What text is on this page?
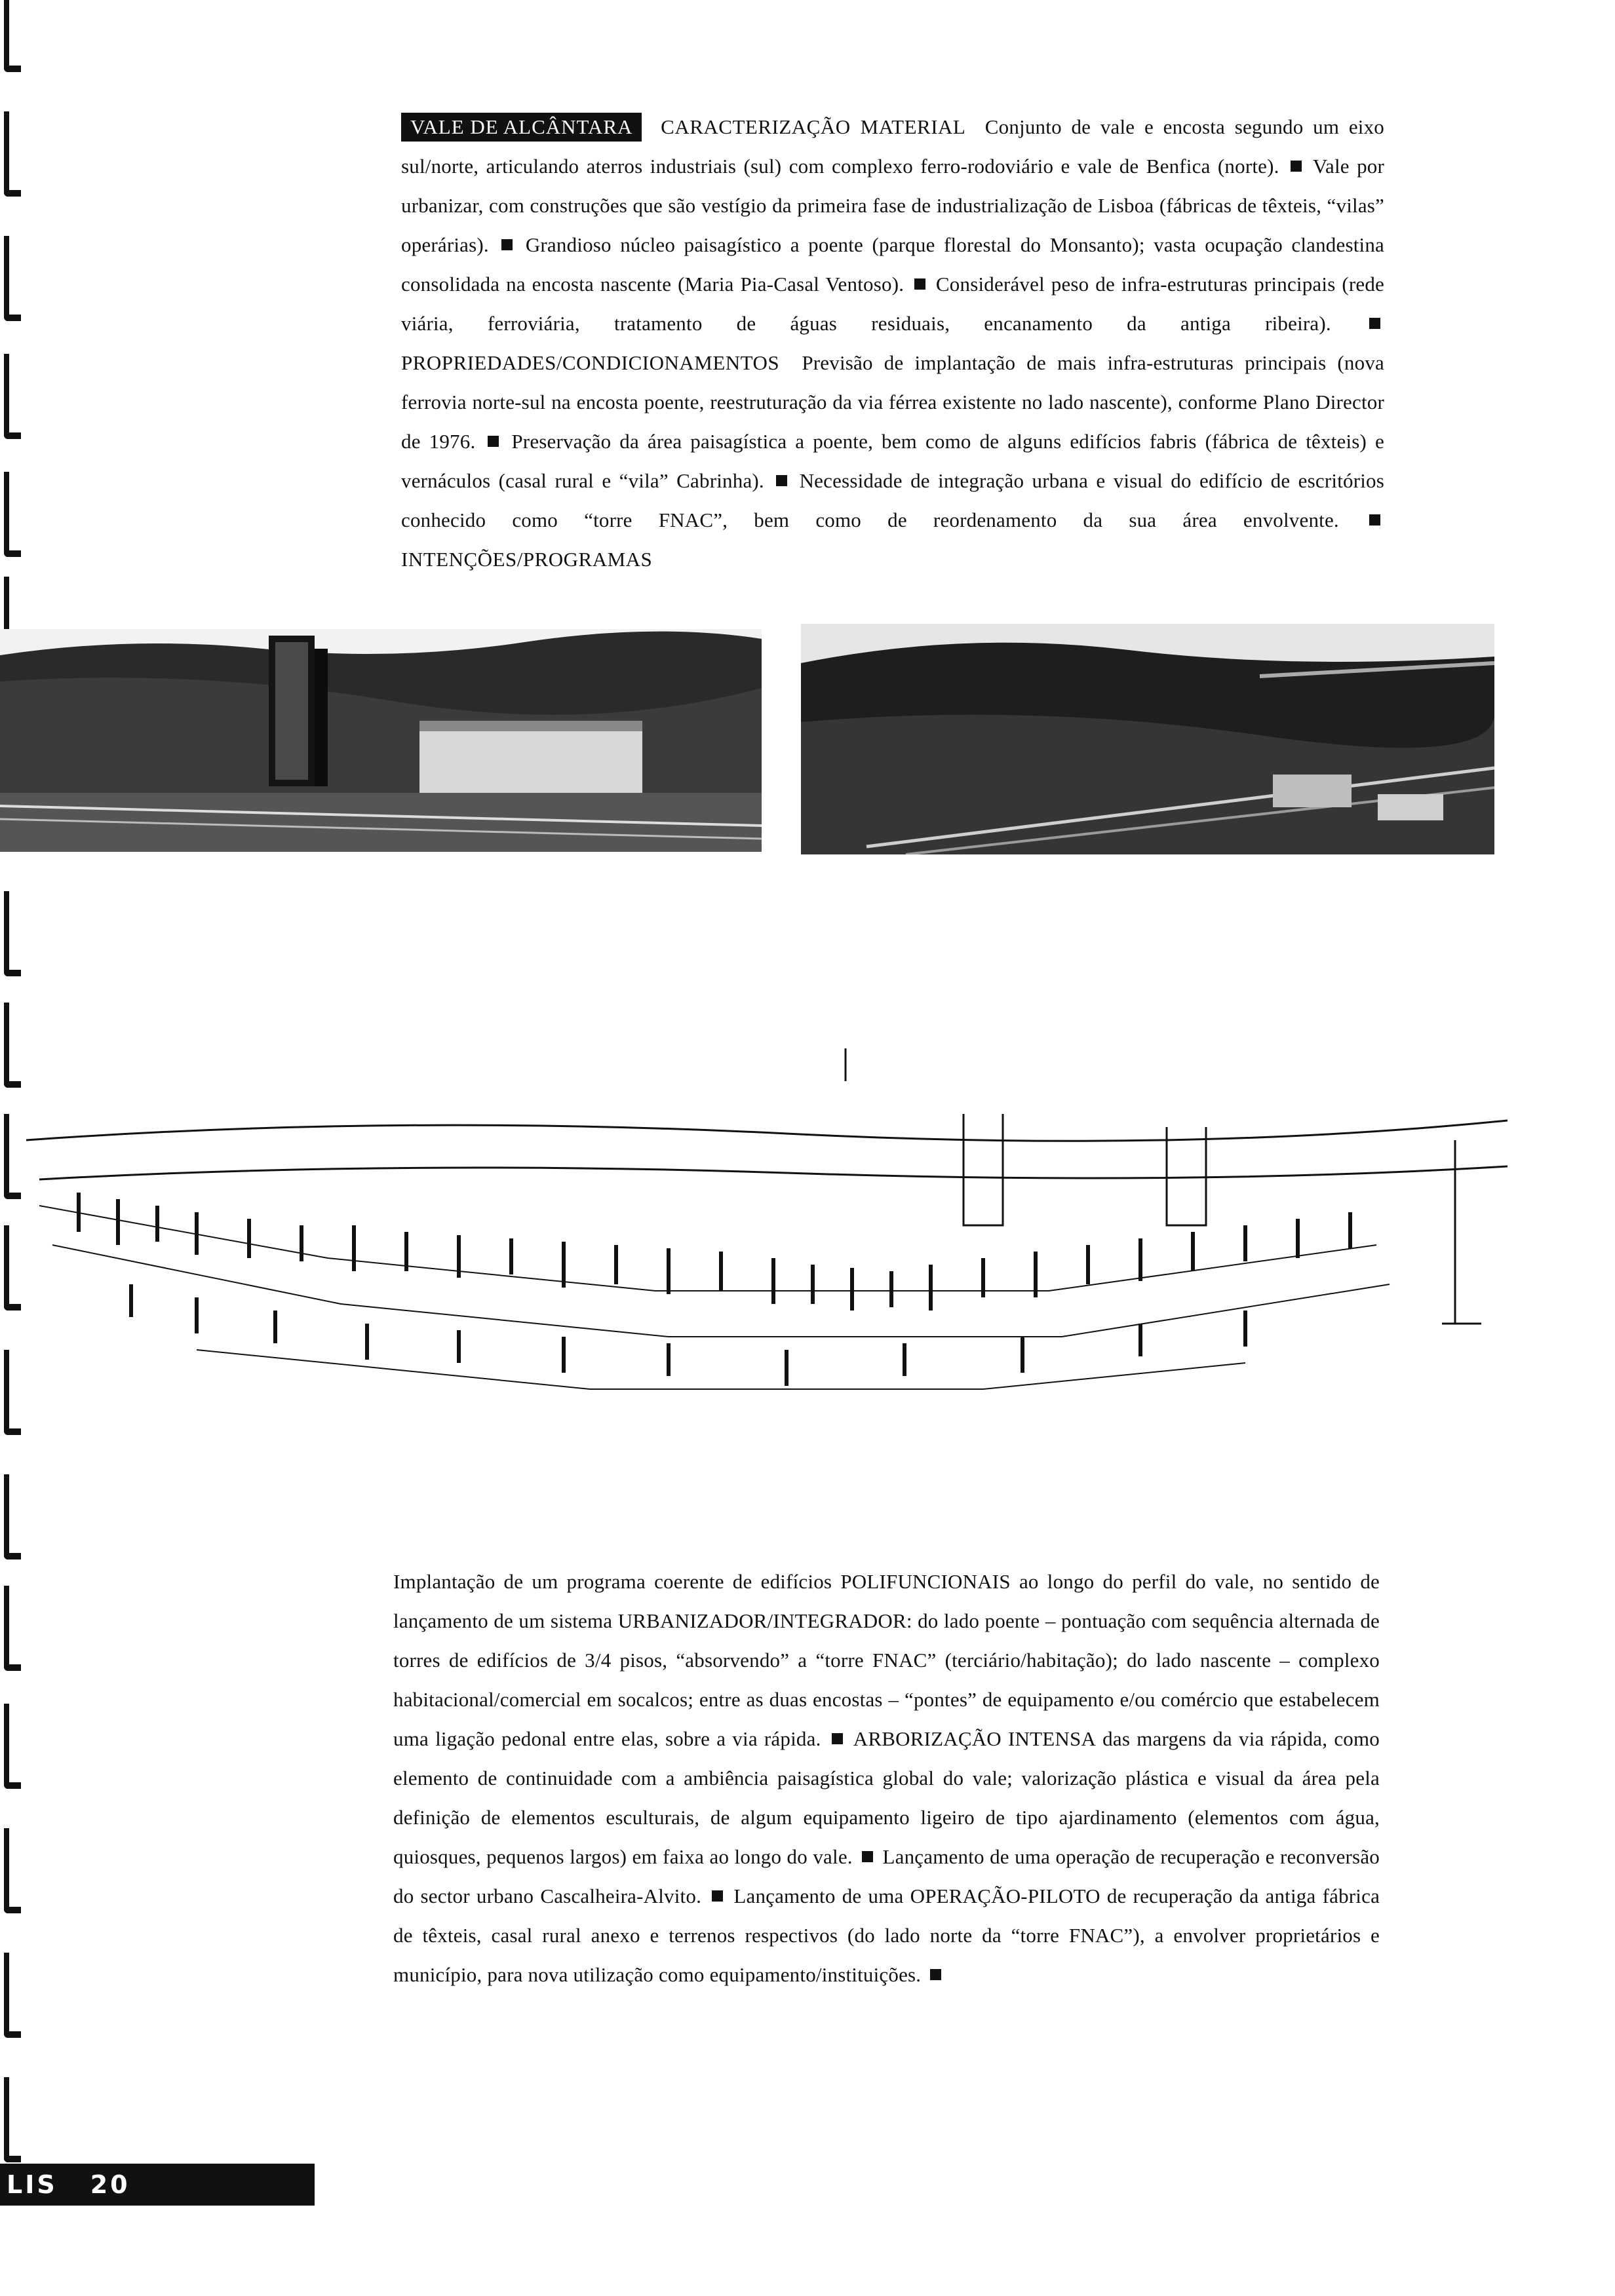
VALE DE ALCÂNTARA CARACTERIZAÇÃO MATERIAL Conjunto de vale e encosta segundo um eixo sul/norte, articulando aterros industriais (sul) com complexo ferro-rodoviário e vale de Benfica (norte). Vale por urbanizar, com construções que são vestígio da primeira fase de industrialização de Lisboa (fábricas de têxteis, “vilas” operárias). Grandioso núcleo paisagístico a poente (parque florestal do Monsanto); vasta ocupação clandestina consolidada na encosta nascente (Maria Pia-Casal Ventoso). Considerável peso de infra-estruturas principais (rede viária, ferroviária, tratamento de águas residuais, encanamento da antiga ribeira).  PROPRIEDADES/CONDICIONAMENTOS Previsão de implantação de mais infra-estruturas principais (nova ferrovia norte-sul na encosta poente, reestruturação da via férrea existente no lado nascente), conforme Plano Director de 1976. Preservação da área paisagística a poente, bem como de alguns edifícios fabris (fábrica de têxteis) e vernáculos (casal rural e “vila” Cabrinha). Necessidade de integração urbana e visual do edifício de escritórios conhecido como “torre FNAC”, bem como de reordenamento da sua área envolvente.  INTENÇÕES/PROGRAMAS
Implantação de um programa coerente de edifícios POLIFUNCIONAIS ao longo do perfil do vale, no sentido de lançamento de um sistema URBANIZADOR/INTEGRADOR: do lado poente – pontuação com sequência alternada de torres de edifícios de 3/4 pisos, “absorvendo” a “torre FNAC” (terciário/habitação); do lado nascente – complexo habitacional/comercial em socalcos; entre as duas encostas – “pontes” de equipamento e/ou comércio que estabelecem uma ligação pedonal entre elas, sobre a via rápida. ARBORIZAÇÃO INTENSA das margens da via rápida, como elemento de continuidade com a ambiência paisagística global do vale; valorização plástica e visual da área pela definição de elementos esculturais, de algum equipamento ligeiro de tipo ajardinamento (elementos com água, quiosques, pequenos largos) em faixa ao longo do vale. Lançamento de uma operação de recuperação e reconversão do sector urbano Cascalheira-Alvito. Lançamento de uma OPERAÇÃO-PILOTO de recuperação da antiga fábrica de têxteis, casal rural anexo e terrenos respectivos (do lado norte da “torre FNAC”), a envolver proprietários e município, para nova utilização como equipamento/instituições.
LIS 20
